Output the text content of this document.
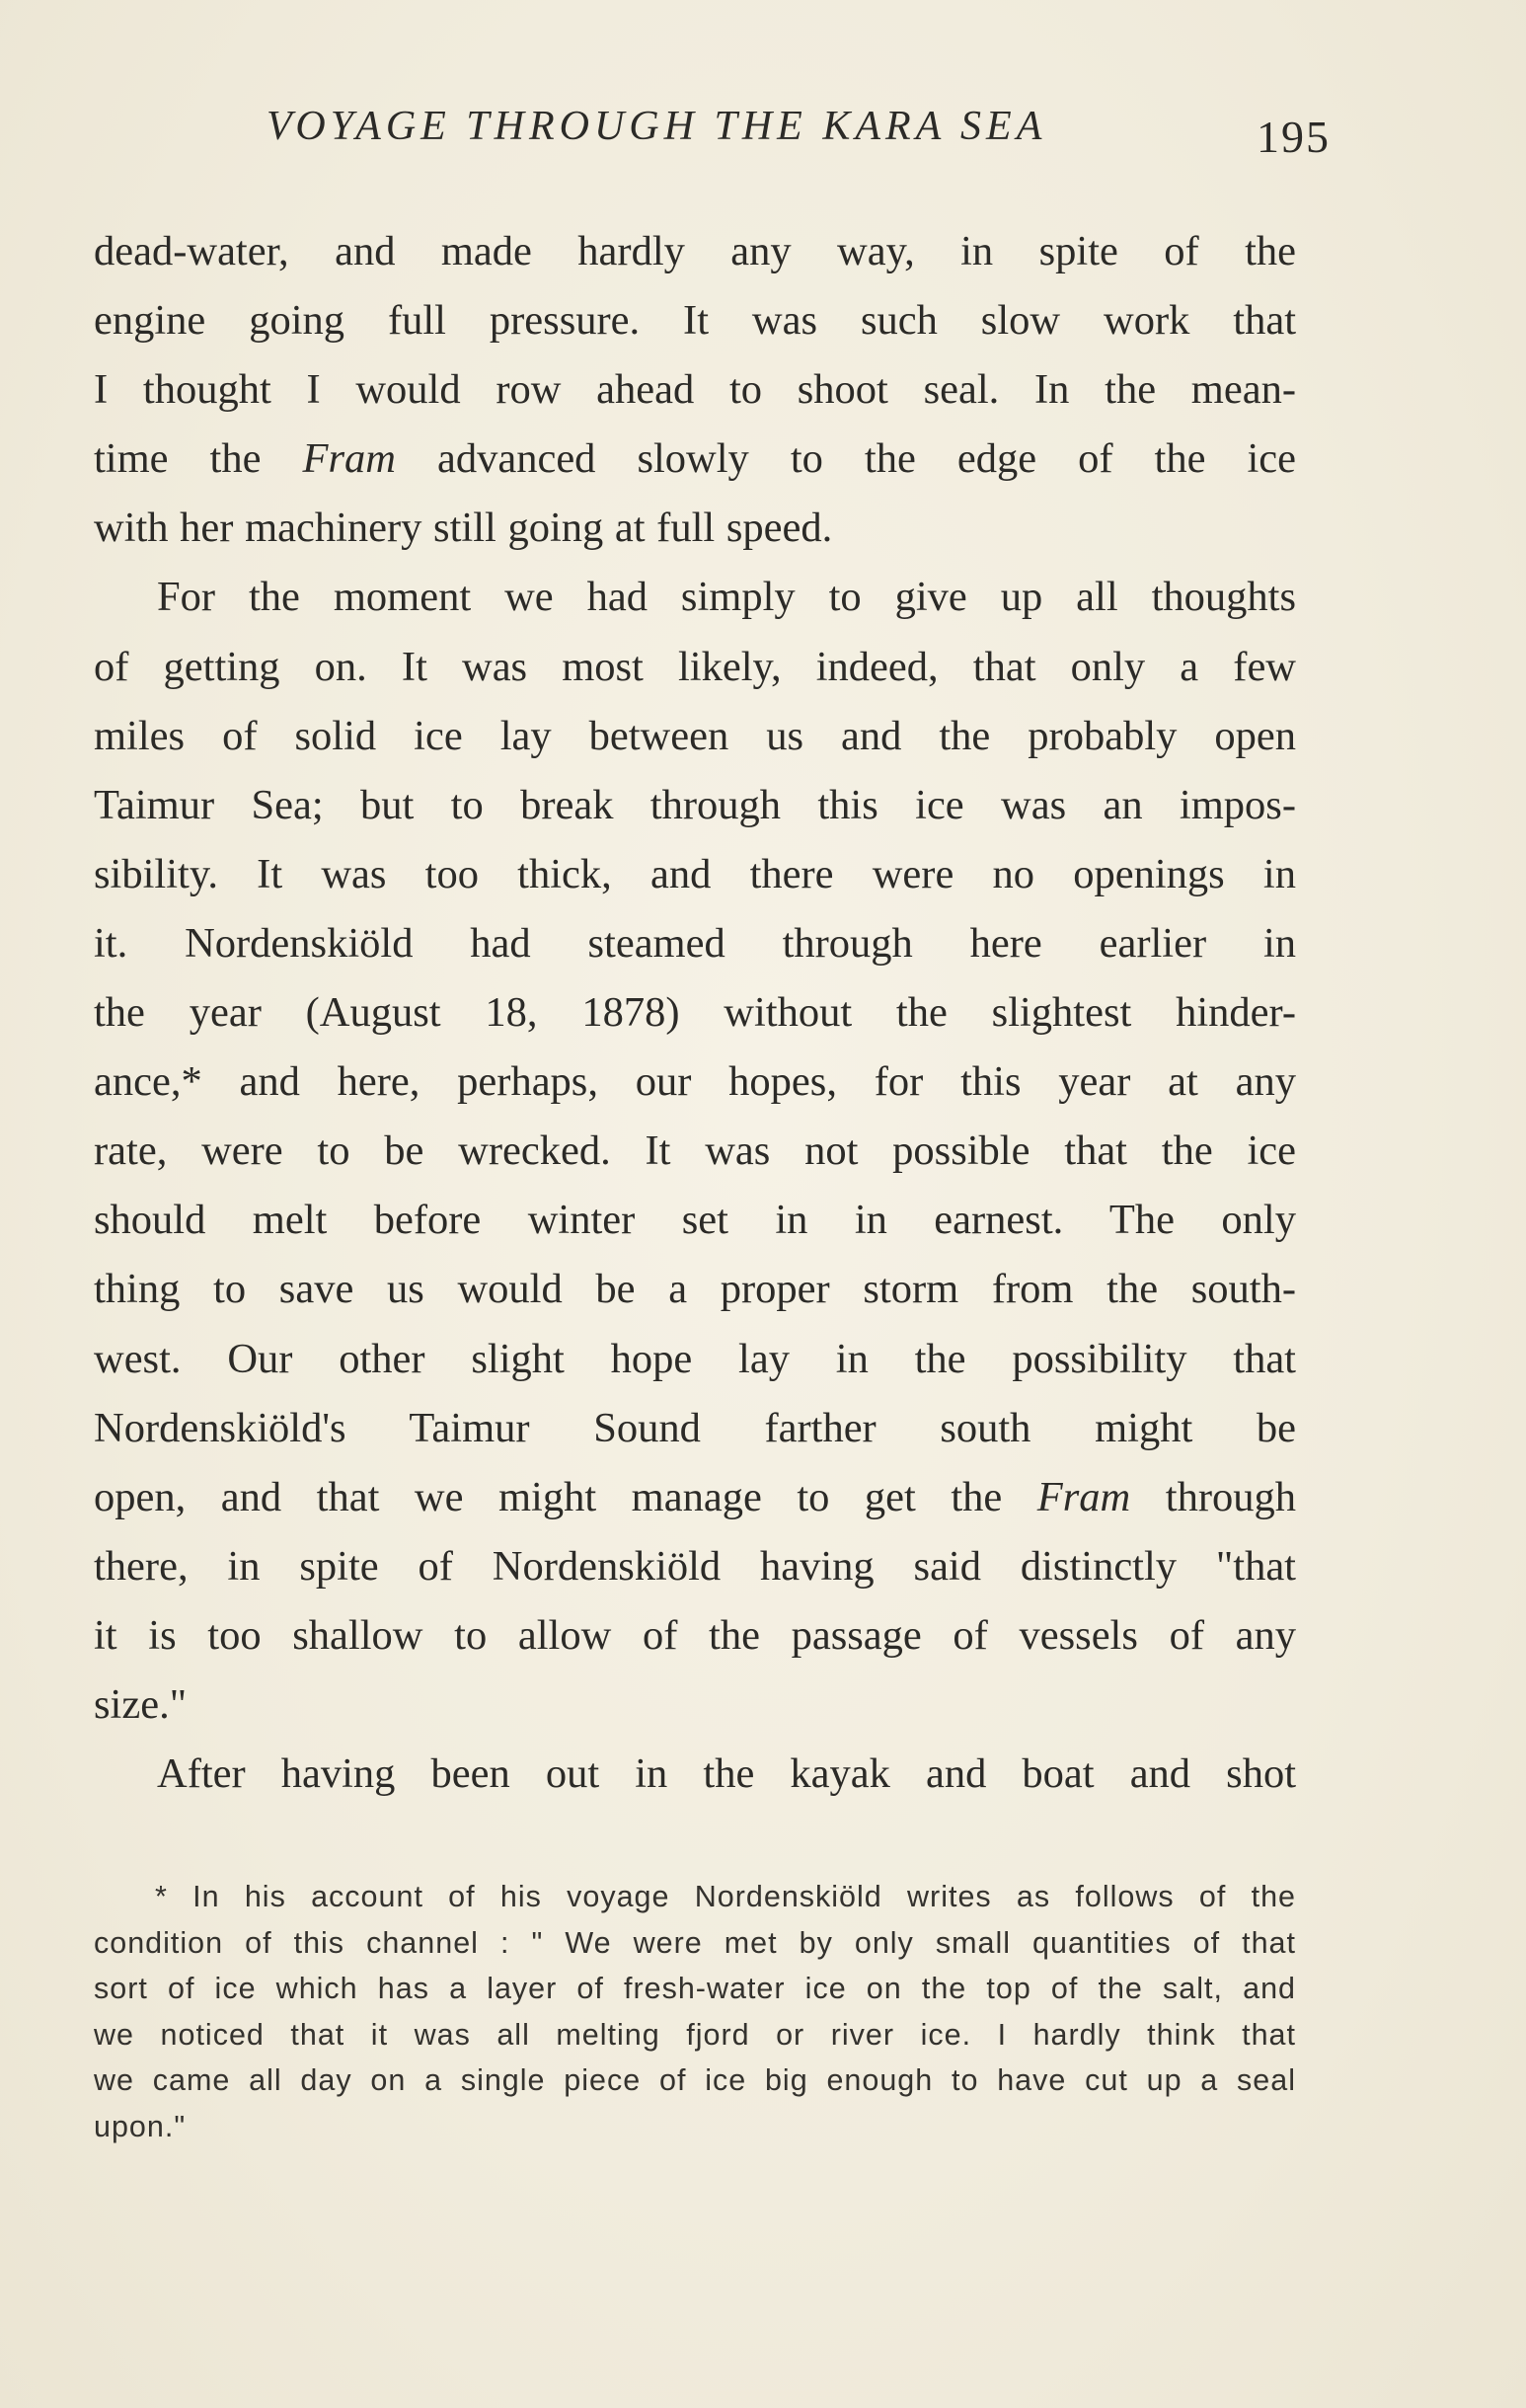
VOYAGE THROUGH THE KARA SEA	195
dead-water, and made hardly any way, in spite of the
engine going full pressure. It was such slow work that
I thought I would row ahead to shoot seal. In the mean-
time the Fram advanced slowly to the edge of the ice
with her machinery still going at full speed.
For the moment we had simply to give up all thoughts
of getting on. It was most likely, indeed, that only a few
miles of solid ice lay between us and the probably open
Taimur Sea; but to break through this ice was an impos-
sibility. It was too thick, and there were no openings in
it. Nordenskiöld had steamed through here earlier in
the year (August 18, 1878) without the slightest hinder-
ance,* and here, perhaps, our hopes, for this year at any
rate, were to be wrecked. It was not possible that the ice
should melt before winter set in in earnest. The only
thing to save us would be a proper storm from the south-
west. Our other slight hope lay in the possibility that
Nordenskiöld's Taimur Sound farther south might be
open, and that we might manage to get the Fram through
there, in spite of Nordenskiöld having said distinctly "that
it is too shallow to allow of the passage of vessels of any
size."
After having been out in the kayak and boat and shot
* In his account of his voyage Nordenskiöld writes as follows of the
condition of this channel : " We were met by only small quantities of that
sort of ice which has a layer of fresh-water ice on the top of the salt, and
we noticed that it was all melting fjord or river ice. I hardly think that
we came all day on a single piece of ice big enough to have cut up a seal
upon."
